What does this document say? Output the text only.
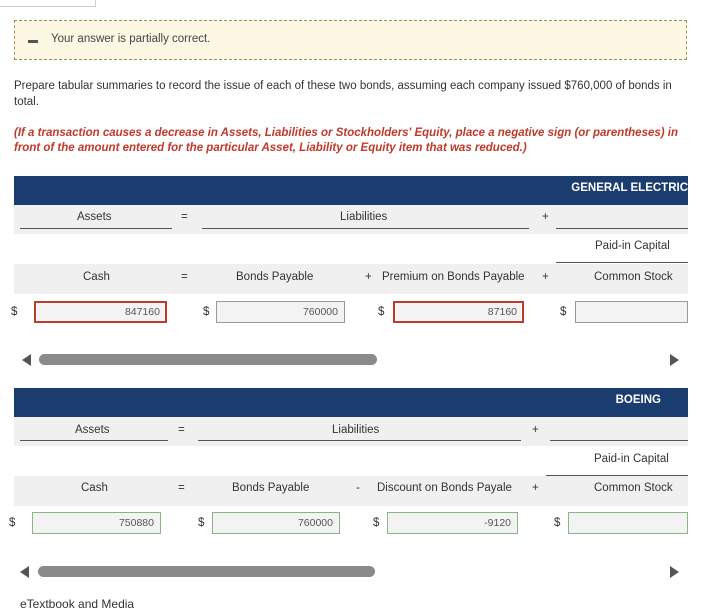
Your answer is partially correct.
Prepare tabular summaries to record the issue of each of these two bonds, assuming each company issued $760,000 of bonds in total.
(If a transaction causes a decrease in Assets, Liabilities or Stockholders' Equity, place a negative sign (or parentheses) in front of the amount entered for the particular Asset, Liability or Equity item that was reduced.)
GENERAL ELECTRIC
Assets	=	Liabilities	+
Paid-in Capital
Cash	=	Bonds Payable	+ Premium on Bonds Payable +	Common Stock
$	847160	$	760000	$	87160	$
BOEING
Assets	=	Liabilities	+
Paid-in Capital
Cash	=	Bonds Payable	- Discount on Bonds Payale +	Common Stock
$	750880	$	760000	$	-9120	$
eTextbook and Media
